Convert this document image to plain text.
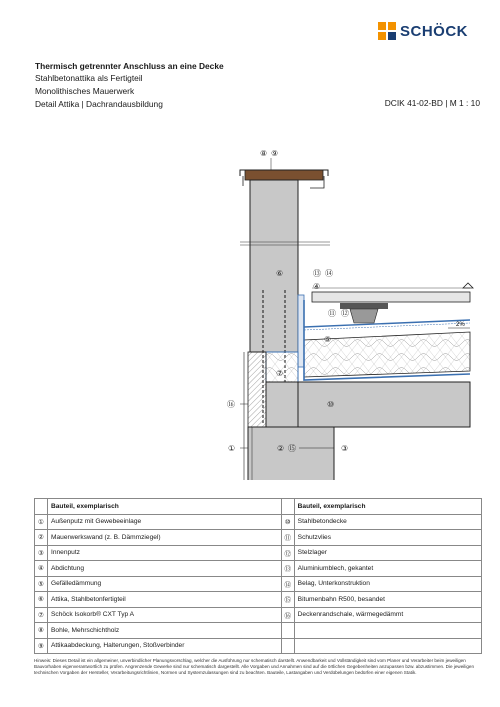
SCHÖCK
Thermisch getrennter Anschluss an eine Decke
Stahlbetonattika als Fertigteil
Monolithisches Mauerwerk
Detail Attika | Dachrandausbildung	DCIK 41-02-BD | M 1 : 10
2%
⑧ ⑨
⑥	⑬ ⑭
④
⑪ ⑫
⑤
⑦
⑯	⑩
①	② ⑮	③
	Bauteil, exemplarisch		Bauteil, exemplarisch
①	Außenputz mit Gewebeeinlage	⑩	Stahlbetondecke
②	Mauerwerkswand (z. B. Dämmziegel)	⑪	Schutzvlies
③	Innenputz	⑫	Stelzlager
④	Abdichtung	⑬	Aluminiumblech, gekantet
⑤	Gefälledämmung	⑭	Belag, Unterkonstruktion
⑥	Attika, Stahlbetonfertigteil	⑮	Bitumenbahn R500, besandet
⑦	Schöck Isokorb® CXT Typ A	⑯	Deckenrandschale, wärmegedämmt
⑧	Bohle, Mehrschichtholz		
⑨	Attikaabdeckung, Halterungen, Stoßverbinder		
Hinweis: Dieses Detail ist ein allgemeiner, unverbindlicher Planungsvorschlag, welcher die Ausführung nur schematisch darstellt. Anwendbarkeit und Vollständigkeit sind vom Planer und Verarbeiter beim jeweiligen Bauvorhaben eigenverantwortlich zu prüfen. Angrenzende Gewerke sind nur schematisch dargestellt. Alle Vorgaben und Annahmen sind auf die örtlichen Gegebenheiten anzupassen bzw. abzustimmen. Die jeweiligen technischen Vorgaben der Hersteller, Verarbeitungsrichtlinien, Normen und Systemzulassungen sind zu beachten. Bauteile, Lastangaben und Verdübelungen bedürfen einer eigenen Statik.
